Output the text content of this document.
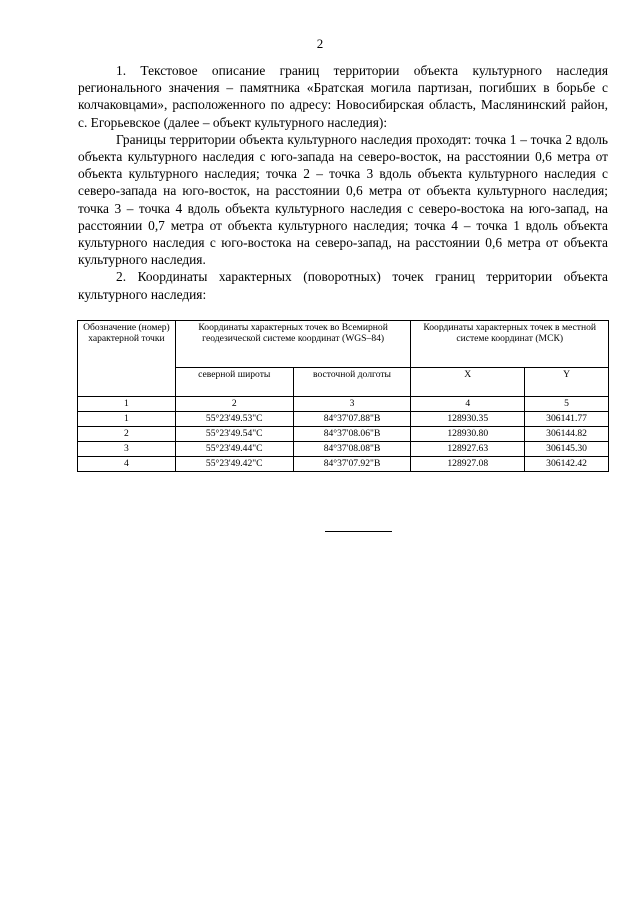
2

1. Текстовое описание границ территории объекта культурного наследия регионального значения – памятника «Братская могила партизан, погибших в борьбе с колчаковцами», расположенного по адресу: Новосибирская область, Маслянинский район, с. Егорьевское (далее – объект культурного наследия):

Границы территории объекта культурного наследия проходят: точка 1 – точка 2 вдоль объекта культурного наследия с юго-запада на северо-восток, на расстоянии 0,6 метра от объекта культурного наследия; точка 2 – точка 3 вдоль объекта культурного наследия с северо-запада на юго-восток, на расстоянии 0,6 метра от объекта культурного наследия; точка 3 – точка 4 вдоль объекта культурного наследия с северо-востока на юго-запад, на расстоянии 0,7 метра от объекта культурного наследия; точка 4 – точка 1 вдоль объекта культурного наследия с юго-востока на северо-запад, на расстоянии 0,6 метра от объекта культурного наследия.

2. Координаты характерных (поворотных) точек границ территории объекта культурного наследия:

Обозначение (номер) характерной точки	Координаты характерных точек во Всемирной геодезической системе координат (WGS–84)		Координаты характерных точек в местной системе координат (МСК)	
	северной широты	восточной долготы	X	Y
1	2	3	4	5
1	55°23'49.53"С	84°37'07.88"В	128930.35	306141.77
2	55°23'49.54"С	84°37'08.06"В	128930.80	306144.82
3	55°23'49.44"С	84°37'08.08"В	128927.63	306145.30
4	55°23'49.42"С	84°37'07.92"В	128927.08	306142.42
